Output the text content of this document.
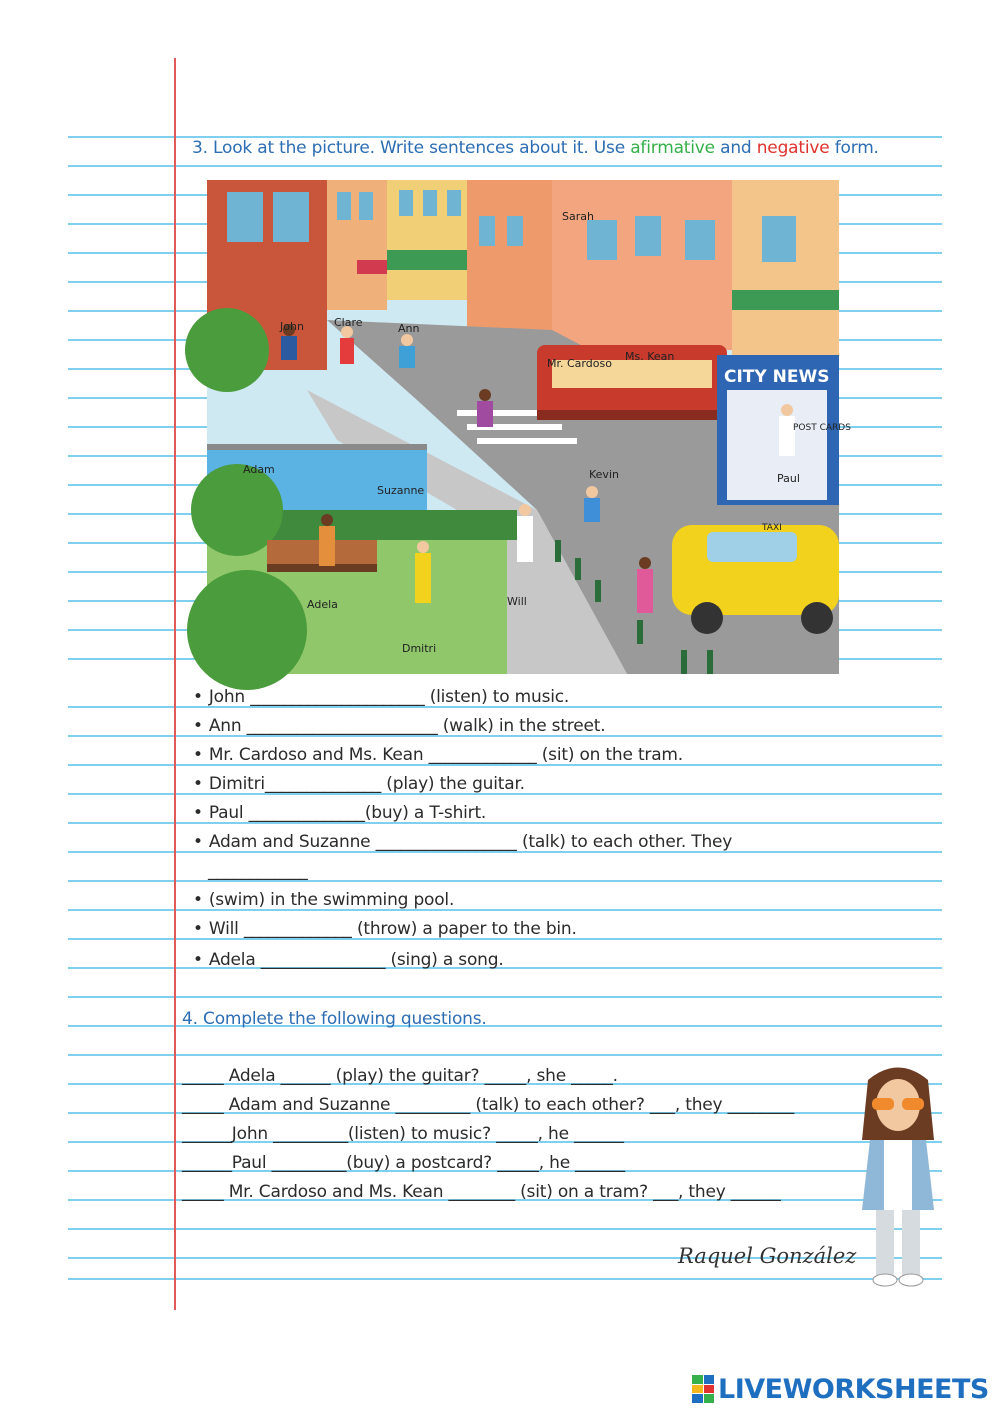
3. Look at the picture. Write sentences about it. Use afirmative and negative form.
Sarah
John	Clare	Ann
Mr. Cardoso
Ms. Kean
CITY NEWS
POST CARDS
Paul
Adam
Suzanne
Kevin
TAXI
Adela	Will
Dmitri
• John _____________________ (listen) to music.
• Ann _______________________ (walk) in the street.
• Mr. Cardoso and Ms. Kean _____________ (sit) on the tram.
• Dimitri______________ (play) the guitar.
• Paul ______________(buy) a T-shirt.
• Adam and Suzanne _________________ (talk) to each other. They
____________
• (swim) in the swimming pool.
• Will _____________ (throw) a paper to the bin.
• Adela _______________ (sing) a song.
4. Complete the following questions.
_____ Adela ______ (play) the guitar? _____, she _____.
_____ Adam and Suzanne _________ (talk) to each other? ___, they ________
______John _________(listen) to music? _____, he ______
______Paul _________(buy) a postcard? _____, he ______
_____ Mr. Cardoso and Ms. Kean ________ (sit) on a tram? ___, they ______
Raquel González
LIVEWORKSHEETS
